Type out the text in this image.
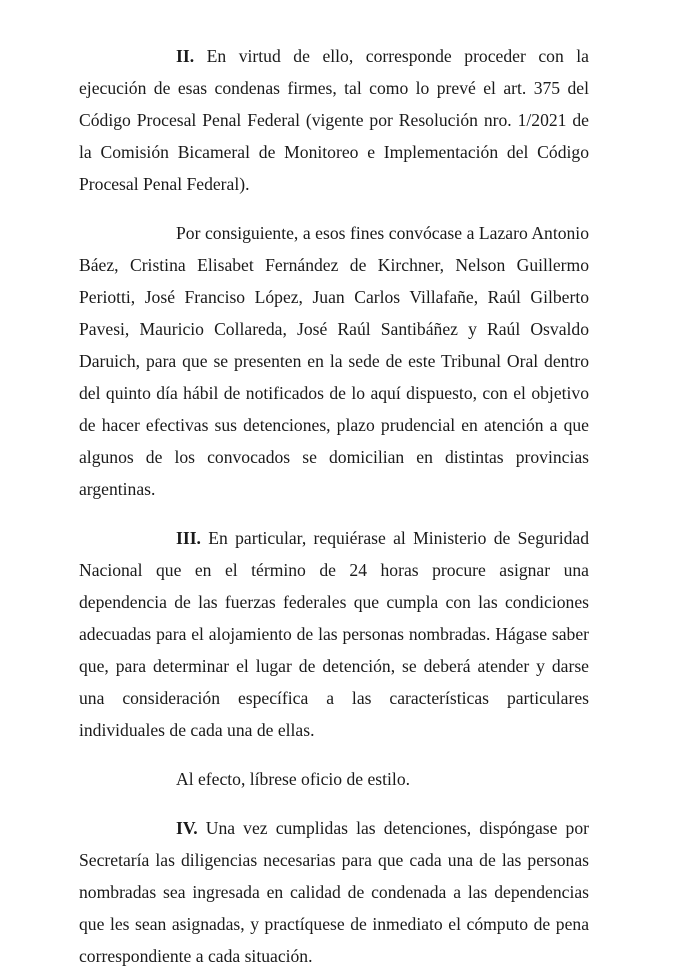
II. En virtud de ello, corresponde proceder con la ejecución de esas condenas firmes, tal como lo prevé el art. 375 del Código Procesal Penal Federal (vigente por Resolución nro. 1/2021 de la Comisión Bicameral de Monitoreo e Implementación del Código Procesal Penal Federal).

Por consiguiente, a esos fines convócase a Lazaro Antonio Báez, Cristina Elisabet Fernández de Kirchner, Nelson Guillermo Periotti, José Franciso López, Juan Carlos Villafañe, Raúl Gilberto Pavesi, Mauricio Collareda, José Raúl Santibáñez y Raúl Osvaldo Daruich, para que se presenten en la sede de este Tribunal Oral dentro del quinto día hábil de notificados de lo aquí dispuesto, con el objetivo de hacer efectivas sus detenciones, plazo prudencial en atención a que algunos de los convocados se domicilian en distintas provincias argentinas.

III. En particular, requiérase al Ministerio de Seguridad Nacional que en el término de 24 horas procure asignar una dependencia de las fuerzas federales que cumpla con las condiciones adecuadas para el alojamiento de las personas nombradas. Hágase saber que, para determinar el lugar de detención, se deberá atender y darse una consideración específica a las características particulares individuales de cada una de ellas.

Al efecto, líbrese oficio de estilo.

IV. Una vez cumplidas las detenciones, dispóngase por Secretaría las diligencias necesarias para que cada una de las personas nombradas sea ingresada en calidad de condenada a las dependencias que les sean asignadas, y practíquese de inmediato el cómputo de pena correspondiente a cada situación.
